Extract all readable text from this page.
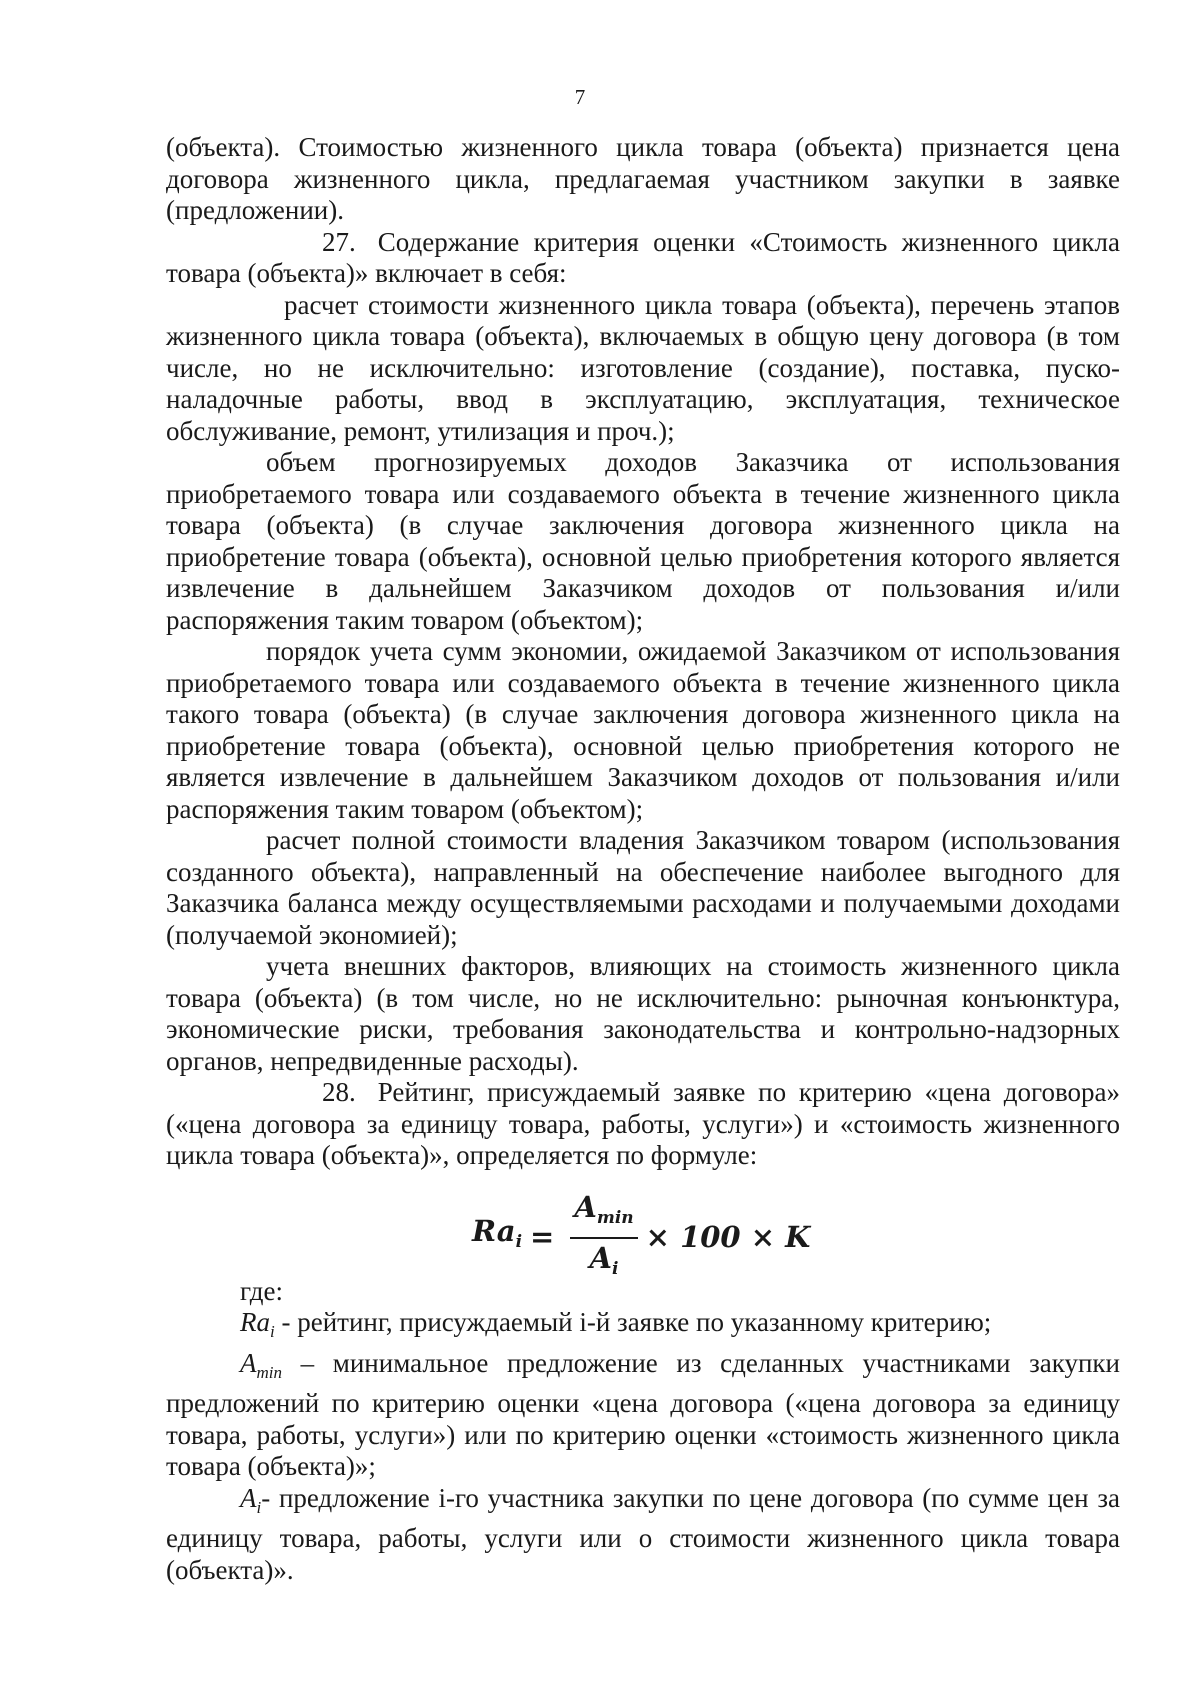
7

(объекта). Стоимостью жизненного цикла товара (объекта) признается цена договора жизненного цикла, предлагаемая участником закупки в заявке (предложении).

27. Содержание критерия оценки «Стоимость жизненного цикла товара (объекта)» включает в себя:

расчет стоимости жизненного цикла товара (объекта), перечень этапов жизненного цикла товара (объекта), включаемых в общую цену договора (в том числе, но не исключительно: изготовление (создание), поставка, пуско-наладочные работы, ввод в эксплуатацию, эксплуатация, техническое обслуживание, ремонт, утилизация и проч.);

объем прогнозируемых доходов Заказчика от использования приобретаемого товара или создаваемого объекта в течение жизненного цикла товара (объекта) (в случае заключения договора жизненного цикла на приобретение товара (объекта), основной целью приобретения которого является извлечение в дальнейшем Заказчиком доходов от пользования и/или распоряжения таким товаром (объектом);

порядок учета сумм экономии, ожидаемой Заказчиком от использования приобретаемого товара или создаваемого объекта в течение жизненного цикла такого товара (объекта) (в случае заключения договора жизненного цикла на приобретение товара (объекта), основной целью приобретения которого не является извлечение в дальнейшем Заказчиком доходов от пользования и/или распоряжения таким товаром (объектом);

расчет полной стоимости владения Заказчиком товаром (использования созданного объекта), направленный на обеспечение наиболее выгодного для Заказчика баланса между осуществляемыми расходами и получаемыми доходами (получаемой экономией);

учета внешних факторов, влияющих на стоимость жизненного цикла товара (объекта) (в том числе, но не исключительно: рыночная конъюнктура, экономические риски, требования законодательства и контрольно-надзорных органов, непредвиденные расходы).

28. Рейтинг, присуждаемый заявке по критерию «цена договора» («цена договора за единицу товара, работы, услуги») и «стоимость жизненного цикла товара (объекта)», определяется по формуле:

$Ra_i = \frac{A_{min}}{A_i} \times 100 \times K$

где:

$Ra_i$ - рейтинг, присуждаемый i-й заявке по указанному критерию;

$A_{min}$ – минимальное предложение из сделанных участниками закупки предложений по критерию оценки «цена договора («цена договора за единицу товара, работы, услуги») или по критерию оценки «стоимость жизненного цикла товара (объекта)»;

$A_i-$ предложение i-го участника закупки по цене договора (по сумме цен за единицу товара, работы, услуги или о стоимости жизненного цикла товара (объекта)».
